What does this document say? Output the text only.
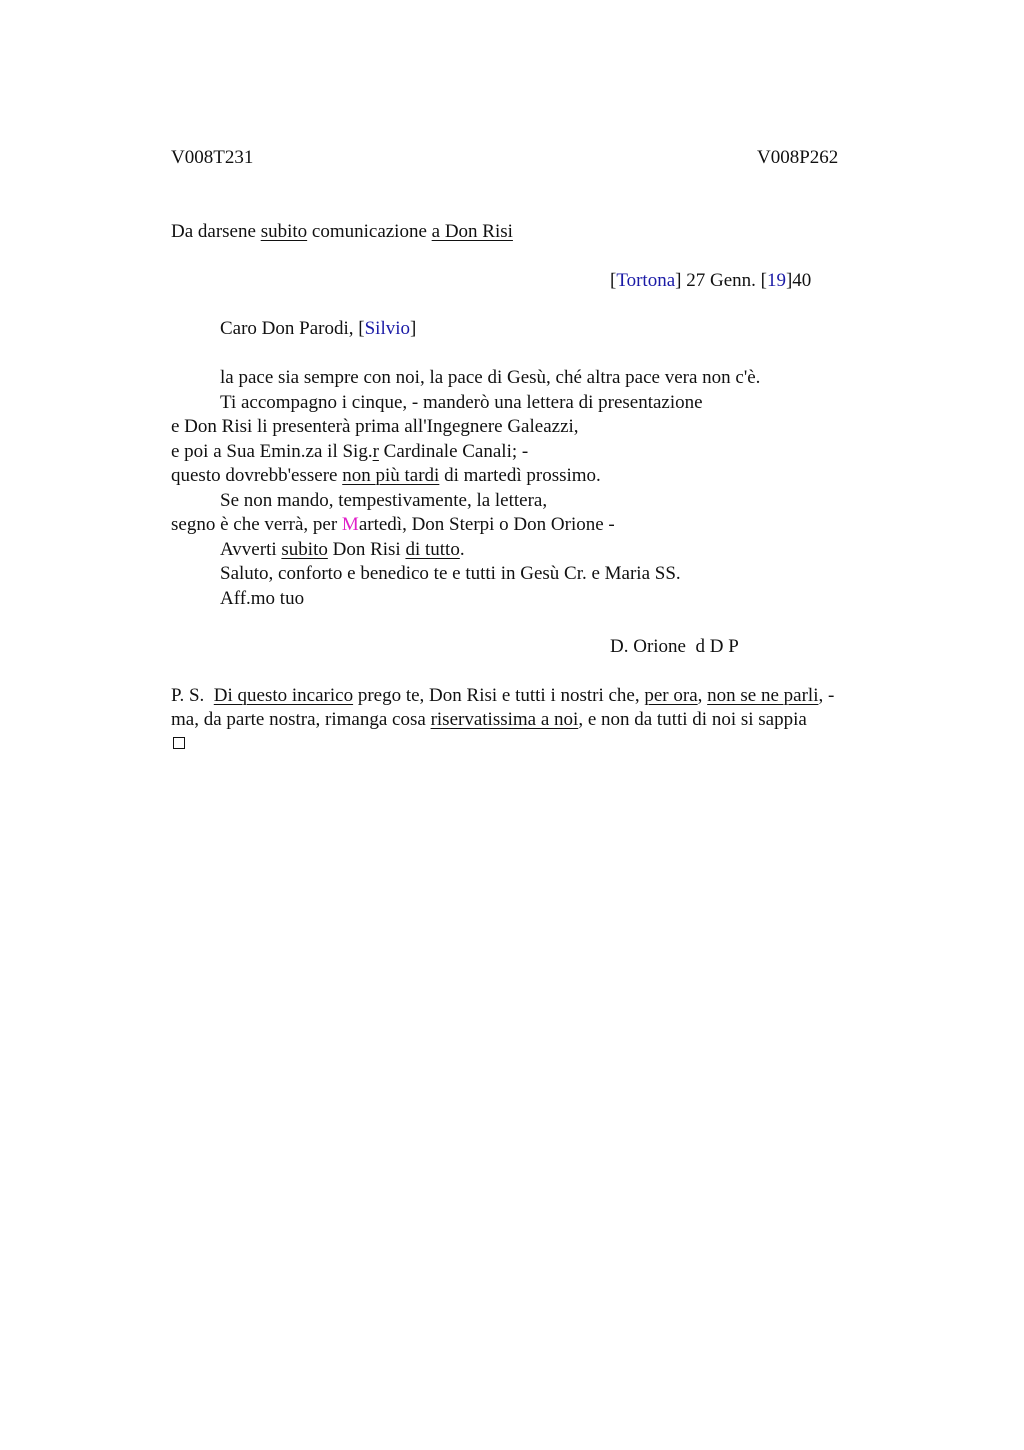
V008T231	V008P262
Da darsene subito comunicazione a Don Risi
[Tortona] 27 Genn. [19]40
Caro Don Parodi, [Silvio]
la pace sia sempre con noi, la pace di Gesù, ché altra pace vera non c'è.
Ti accompagno i cinque, - manderò una lettera di presentazione
e Don Risi li presenterà prima all'Ingegnere Galeazzi,
e poi a Sua Emin.za il Sig.r Cardinale Canali; -
questo dovrebb'essere non più tardi di martedì prossimo.
Se non mando, tempestivamente, la lettera,
segno è che verrà, per Martedì, Don Sterpi o Don Orione -
Avverti subito Don Risi di tutto.
Saluto, conforto e benedico te e tutti in Gesù Cr. e Maria SS.
Aff.mo tuo
D. Orione  d D P
P. S.  Di questo incarico prego te, Don Risi e tutti i nostri che, per ora, non se ne parli, -
ma, da parte nostra, rimanga cosa riservatissima a noi, e non da tutti di noi si sappia
